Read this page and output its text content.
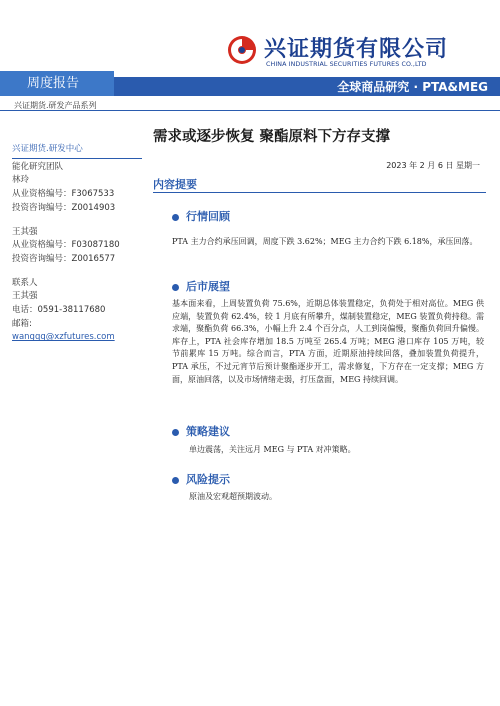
兴证期货有限公司
CHINA INDUSTRIAL SECURITIES FUTURES CO.,LTD
周度报告	全球商品研究 · PTA&MEG
兴证期货.研发产品系列
需求或逐步恢复 聚酯原料下方存支撑
兴证期货.研发中心
能化研究团队
林玲
从业资格编号：F3067533
投资咨询编号：Z0014903
王其强
从业资格编号：F03087180
投资咨询编号：Z0016577
联系人
王其强
电话：0591-38117680
邮箱:
wangqq@xzfutures.com
2023 年 2 月 6 日 星期一
内容提要
行情回顾
PTA 主力合约承压回调，周度下跌 3.62%；MEG 主力合约下跌 6.18%，承压回落。
后市展望
基本面来看，上周装置负荷 75.6%，近期总体装置稳定，负荷处于相对高位。MEG 供应端，装置负荷 62.4%，较 1 月底有所攀升，煤制装置稳定，MEG 装置负荷持稳。需求端，聚酯负荷 66.3%，小幅上升 2.4 个百分点，人工到岗偏慢，聚酯负荷回升偏慢。库存上，PTA 社会库存增加 18.5 万吨至 265.4 万吨；MEG 港口库存 105 万吨，较节前累库 15 万吨。综合而言，PTA 方面，近期原油持续回落，叠加装置负荷提升，PTA 承压，不过元宵节后预计聚酯逐步开工，需求修复，下方存在一定支撑；MEG 方面，原油回落，以及市场情绪走弱，打压盘面，MEG 持续回调。
策略建议
单边震荡，关注远月 MEG 与 PTA 对冲策略。
风险提示
原油及宏观超预期波动。
